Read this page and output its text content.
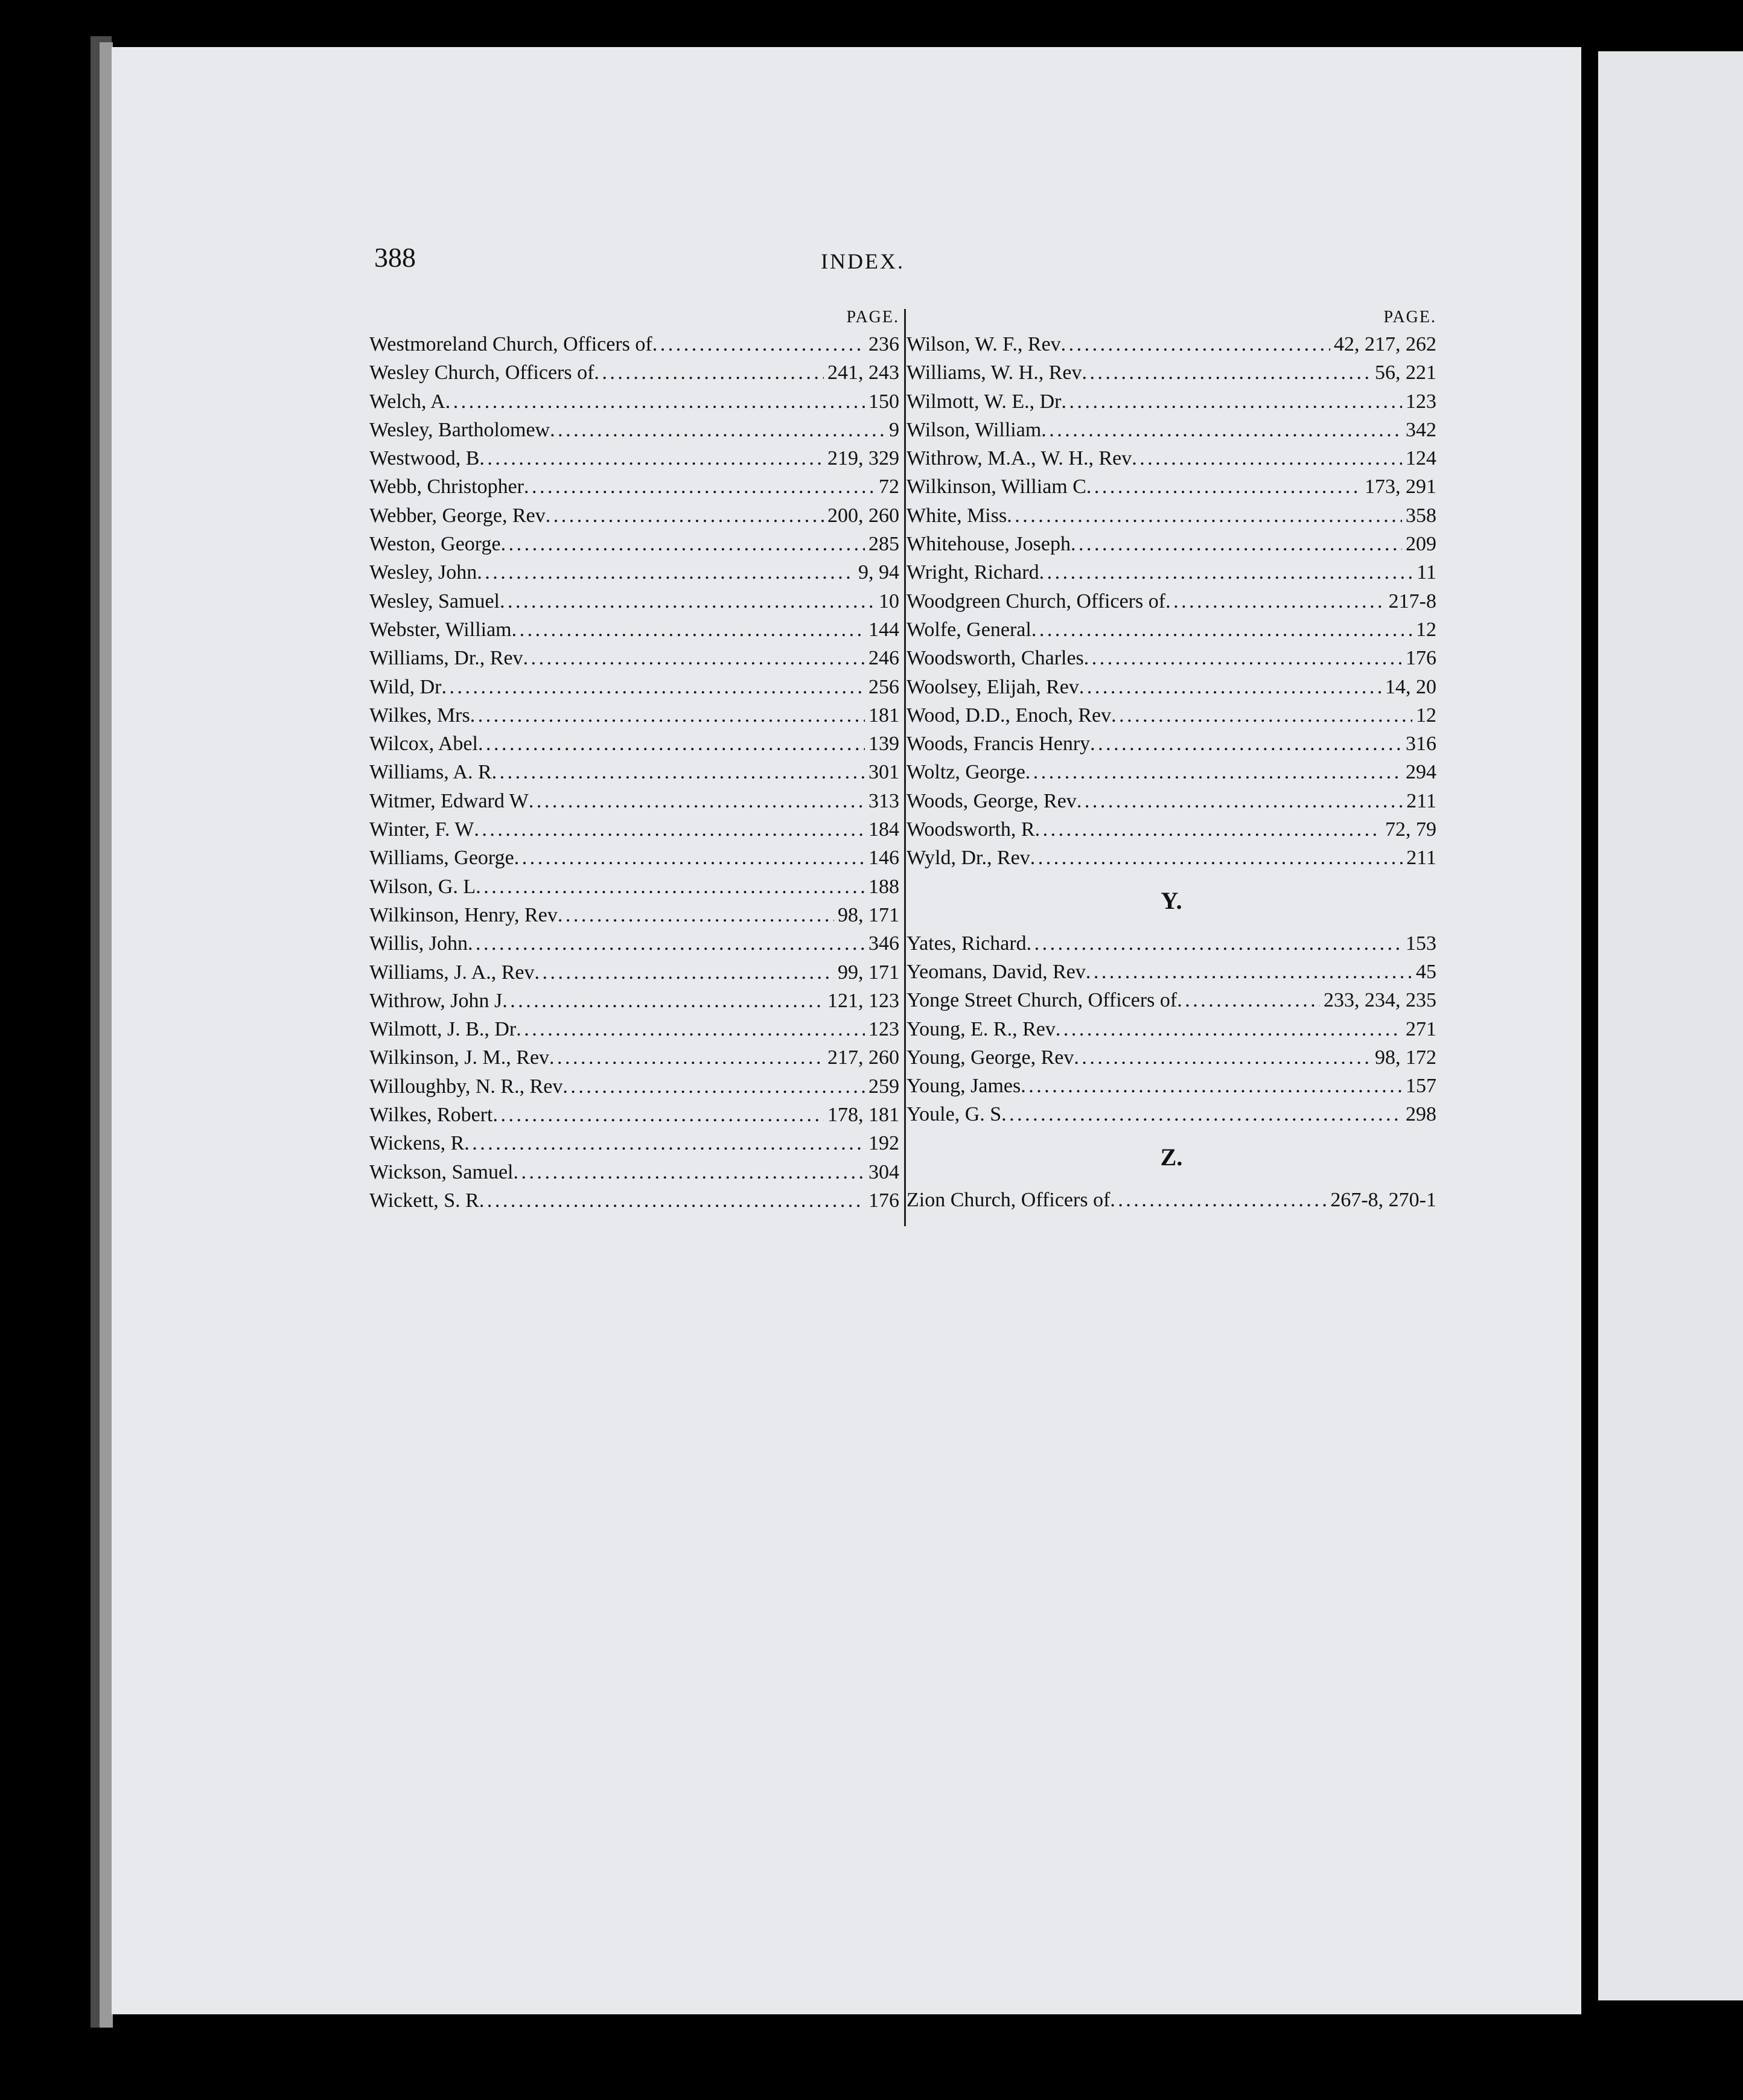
388	INDEX.
PAGE.
Westmoreland Church, Officers of . . .	236
Wesley Church, Officers of . . .	241, 243
Welch, A . . .	150
Wesley, Bartholomew . . .	9
Westwood, B . . .	219, 329
Webb, Christopher . . .	72
Webber, George, Rev . . .	200, 260
Weston, George . . .	285
Wesley, John . . .	9, 94
Wesley, Samuel . . .	10
Webster, William . . .	144
Williams, Dr., Rev . . .	246
Wild, Dr . . .	256
Wilkes, Mrs . . .	181
Wilcox, Abel . . .	139
Williams, A. R . . .	301
Witmer, Edward W . . .	313
Winter, F. W . . .	184
Williams, George . . .	146
Wilson, G. L . . .	188
Wilkinson, Henry, Rev . . .	98, 171
Willis, John . . .	346
Williams, J. A., Rev . . .	99, 171
Withrow, John J . . .	121, 123
Wilmott, J. B., Dr . . .	123
Wilkinson, J. M., Rev . . .	217, 260
Willoughby, N. R., Rev . . .	259
Wilkes, Robert . . .	178, 181
Wickens, R . . .	192
Wickson, Samuel . . .	304
Wickett, S. R . . .	176
PAGE.
Wilson, W. F., Rev . . .	42, 217, 262
Williams, W. H., Rev . . .	56, 221
Wilmott, W. E., Dr . . .	123
Wilson, William . . .	342
Withrow, M.A., W. H., Rev . . .	124
Wilkinson, William C . . .	173, 291
White, Miss . . .	358
Whitehouse, Joseph . . .	209
Wright, Richard . . .	11
Woodgreen Church, Officers of . . .	217-8
Wolfe, General . . .	12
Woodsworth, Charles . . .	176
Woolsey, Elijah, Rev . . .	14, 20
Wood, D.D., Enoch, Rev . . .	12
Woods, Francis Henry . . .	316
Woltz, George . . .	294
Woods, George, Rev . . .	211
Woodsworth, R . . .	72, 79
Wyld, Dr., Rev . . .	211
Y.
Yates, Richard . . .	153
Yeomans, David, Rev . . .	45
Yonge Street Church, Officers of . . .	233, 234, 235
Young, E. R., Rev . . .	271
Young, George, Rev . . .	98, 172
Young, James . . .	157
Youle, G. S . . .	298
Z.
Zion Church, Officers of . . .	267-8, 270-1
